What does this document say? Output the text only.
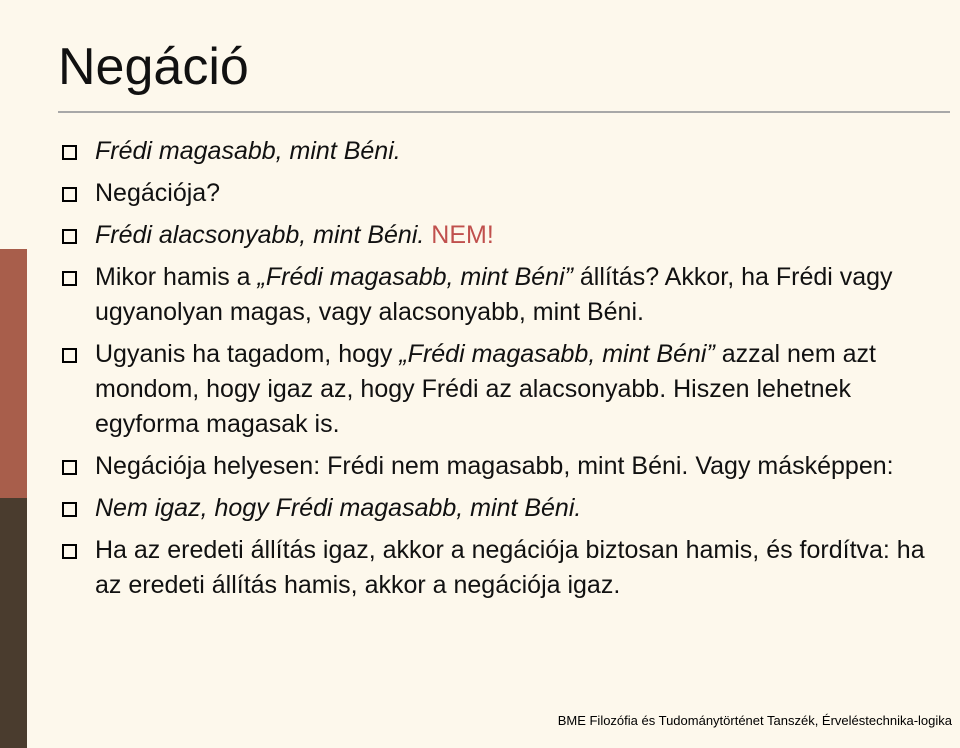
Negáció
Frédi magasabb, mint Béni.
Negációja?
Frédi alacsonyabb, mint Béni. NEM!
Mikor hamis a „Frédi magasabb, mint Béni” állítás? Akkor, ha Frédi vagy ugyanolyan magas, vagy alacsonyabb, mint Béni.
Ugyanis ha tagadom, hogy „Frédi magasabb, mint Béni” azzal nem azt mondom, hogy igaz az, hogy Frédi az alacsonyabb. Hiszen lehetnek egyforma magasak is.
Negációja helyesen: Frédi nem magasabb, mint Béni. Vagy másképpen:
Nem igaz, hogy Frédi magasabb, mint Béni.
Ha az eredeti állítás igaz, akkor a negációja biztosan hamis, és fordítva: ha az eredeti állítás hamis, akkor a negációja igaz.
BME Filozófia és Tudománytörténet Tanszék, Érveléstechnika-logika
